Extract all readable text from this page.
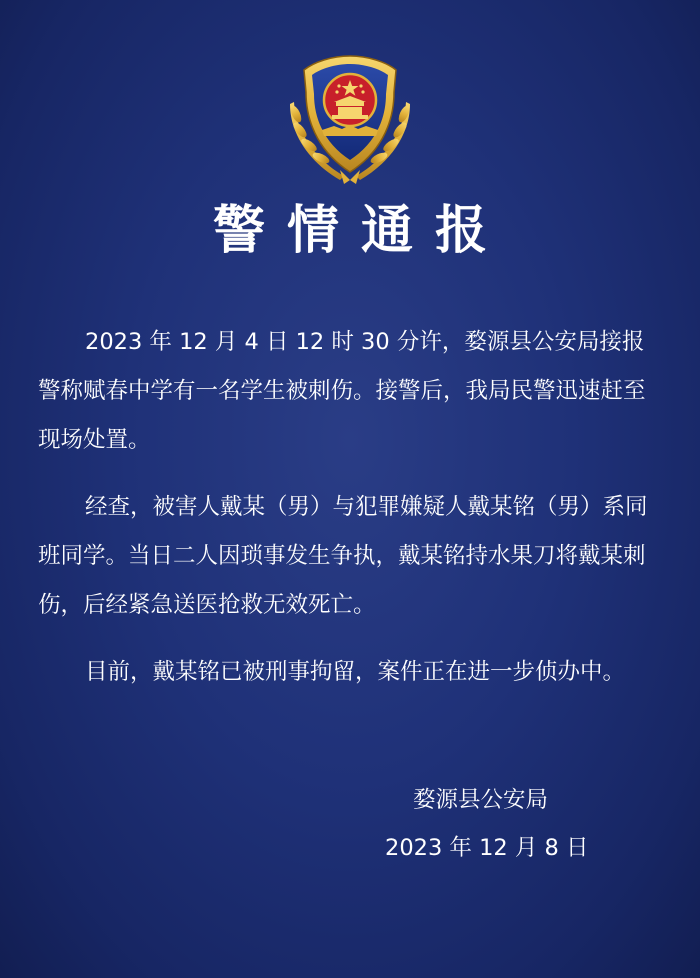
警情通报

2023 年 12 月 4 日 12 时 30 分许，婺源县公安局接报警称赋春中学有一名学生被刺伤。接警后，我局民警迅速赶至现场处置。

经查，被害人戴某（男）与犯罪嫌疑人戴某铭（男）系同班同学。当日二人因琐事发生争执，戴某铭持水果刀将戴某刺伤，后经紧急送医抢救无效死亡。

目前，戴某铭已被刑事拘留，案件正在进一步侦办中。

婺源县公安局
2023 年 12 月 8 日
